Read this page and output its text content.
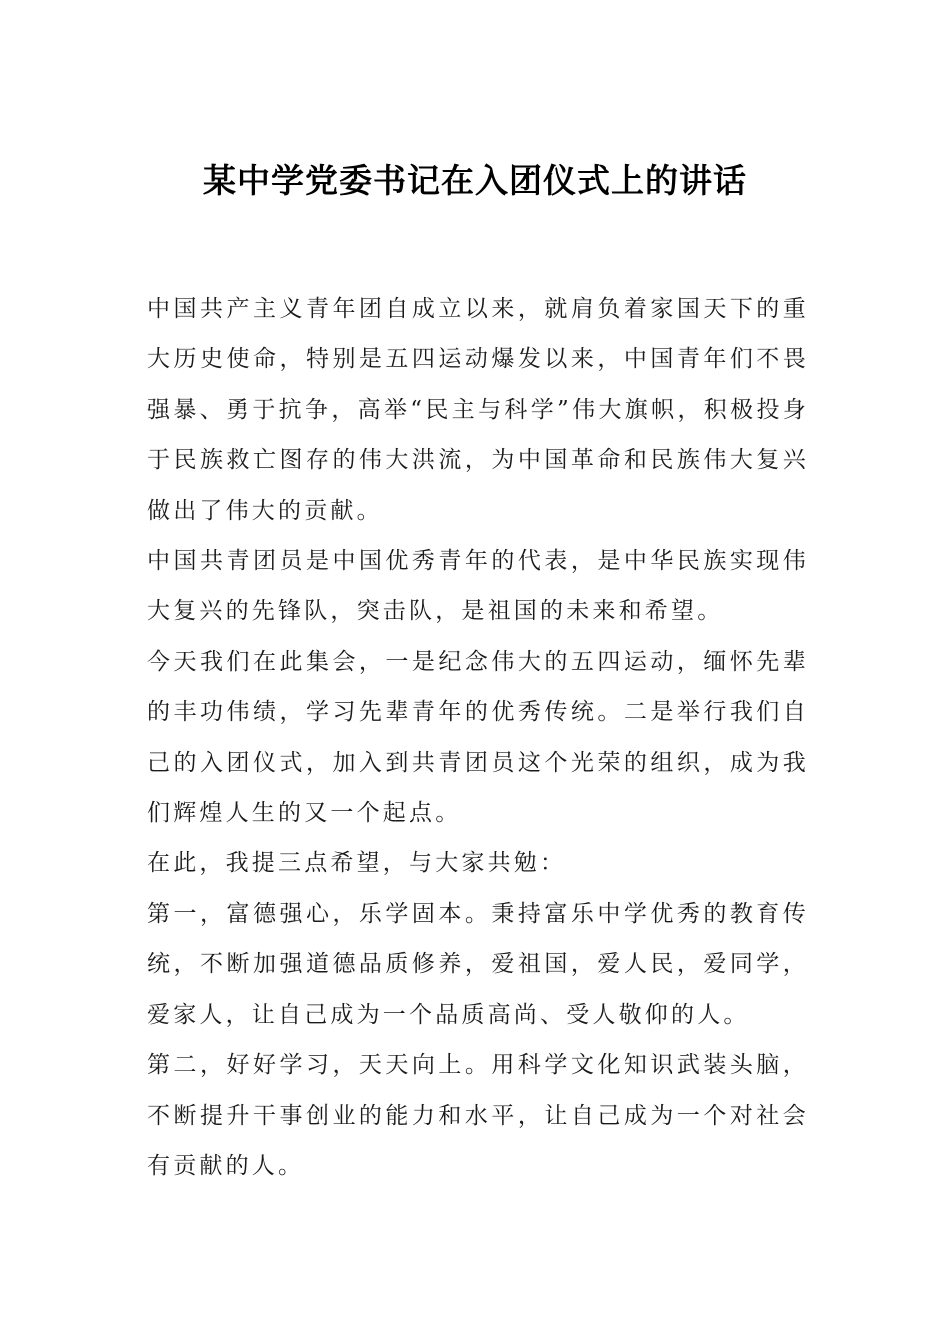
某中学党委书记在入团仪式上的讲话

中国共产主义青年团自成立以来，就肩负着家国天下的重大历史使命，特别是五四运动爆发以来，中国青年们不畏强暴、勇于抗争，高举“民主与科学”伟大旗帜，积极投身于民族救亡图存的伟大洪流，为中国革命和民族伟大复兴做出了伟大的贡献。

中国共青团员是中国优秀青年的代表，是中华民族实现伟大复兴的先锋队，突击队，是祖国的未来和希望。

今天我们在此集会，一是纪念伟大的五四运动，缅怀先辈的丰功伟绩，学习先辈青年的优秀传统。二是举行我们自己的入团仪式，加入到共青团员这个光荣的组织，成为我们辉煌人生的又一个起点。

在此，我提三点希望，与大家共勉：

第一，富德强心，乐学固本。秉持富乐中学优秀的教育传统，不断加强道德品质修养，爱祖国，爱人民，爱同学，爱家人，让自己成为一个品质高尚、受人敬仰的人。

第二，好好学习，天天向上。用科学文化知识武装头脑，不断提升干事创业的能力和水平，让自己成为一个对社会有贡献的人。
